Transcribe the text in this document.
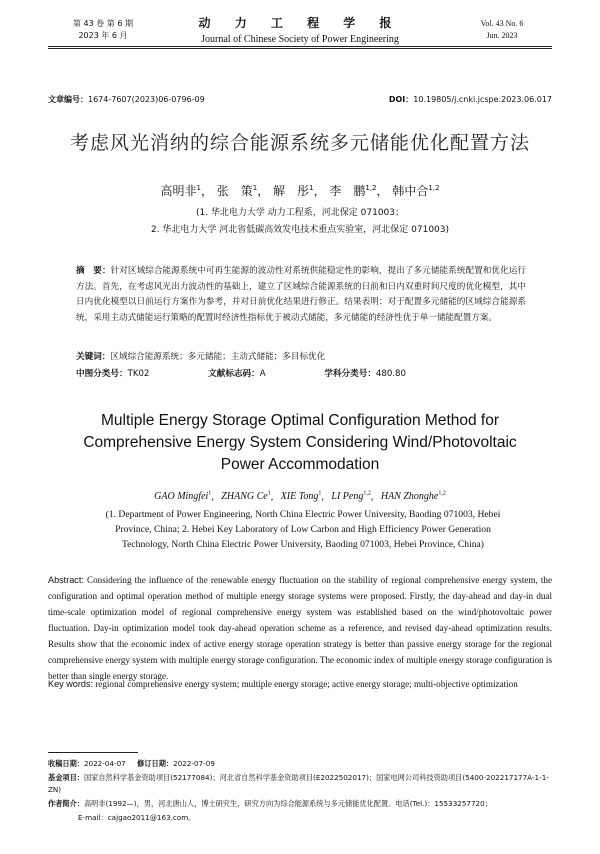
第 43 卷 第 6 期
2023 年 6 月
动 力 工 程 学 报
Journal of Chinese Society of Power Engineering
Vol. 43 No. 6
Jun. 2023
文章编号：1674-7607(2023)06-0796-09	DOI：10.19805/j.cnki.jcspe.2023.06.017
考虑风光消纳的综合能源系统多元储能优化配置方法
高明非$^1$， 张　策$^1$， 解　彤$^1$， 李　鹏$^{1,2}$， 韩中合$^{1,2}$
(1. 华北电力大学 动力工程系，河北保定 071003；
2. 华北电力大学 河北省低碳高效发电技术重点实验室，河北保定 071003)
摘　要：针对区域综合能源系统中可再生能源的波动性对系统供能稳定性的影响，提出了多元储能系统配置和优化运行方法。首先，在考虑风光出力波动性的基础上，建立了区域综合能源系统的日前和日内双重时间尺度的优化模型，其中日内优化模型以日前运行方案作为参考，并对日前优化结果进行修正。结果表明：对于配置多元储能的区域综合能源系统，采用主动式储能运行策略的配置时经济性指标优于被动式储能，多元储能的经济性优于单一储能配置方案。
关键词：区域综合能源系统；多元储能；主动式储能；多目标优化
中图分类号：TK02	文献标志码：A	学科分类号：480.80
Multiple Energy Storage Optimal Configuration Method for
Comprehensive Energy System Considering Wind/Photovoltaic
Power Accommodation
GAO Mingfei$^1$,   ZHANG Ce$^1$,   XIE Tong$^1$,   LI Peng$^{1,2}$,   HAN Zhonghe$^{1,2}$
(1. Department of Power Engineering, North China Electric Power University, Baoding 071003, Hebei
Province, China; 2. Hebei Key Laboratory of Low Carbon and High Efficiency Power Generation
Technology, North China Electric Power University, Baoding 071003, Hebei Province, China)
Abstract: Considering the influence of the renewable energy fluctuation on the stability of regional comprehensive energy system, the configuration and optimal operation method of multiple energy storage systems were proposed. Firstly, the day-ahead and day-in dual time-scale optimization model of regional comprehensive energy system was established based on the wind/photovoltaic power fluctuation. Day-in optimization model took day-ahead operation scheme as a reference, and revised day-ahead optimization results. Results show that the economic index of active energy storage operation strategy is better than passive energy storage for the regional comprehensive energy system with multiple energy storage configuration. The economic index of multiple energy storage configuration is better than single energy storage.
Key words: regional comprehensive energy system; multiple energy storage; active energy storage; multi-objective optimization
收稿日期：2022-04-07 修订日期：2022-07-09
基金项目：国家自然科学基金资助项目(52177084)；河北省自然科学基金资助项目(E2022502017)；国家电网公司科技资助项目(5400-202217177A-1-1-ZN)
作者简介：高明非(1992—)，男，河北唐山人，博士研究生，研究方向为综合能源系统与多元储能优化配置。电话(Tel.)：15533257720；
E-mail：cajgao2011@163.com。
